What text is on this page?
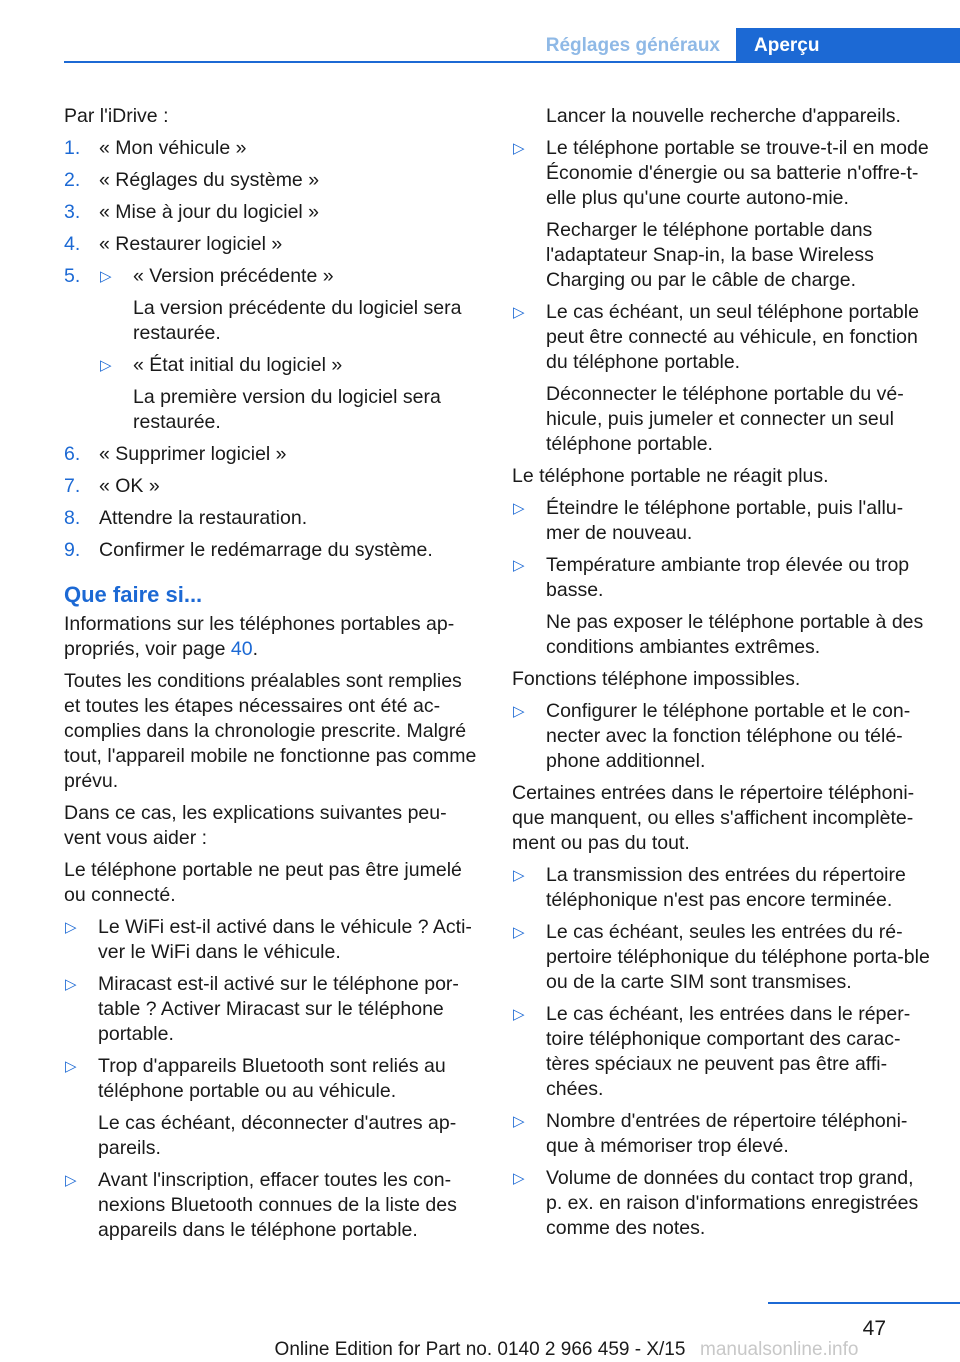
Réglages généraux	Aperçu

Par l'iDrive :

1. « Mon véhicule »
2. « Réglages du système »
3. « Mise à jour du logiciel »
4. « Restaurer logiciel »
5. ▷ « Version précédente »
La version précédente du logiciel sera restaurée.
▷ « État initial du logiciel »
La première version du logiciel sera restaurée.
6. « Supprimer logiciel »
7. « OK »
8. Attendre la restauration.
9. Confirmer le redémarrage du système.
Que faire si...

Informations sur les téléphones portables ap-propriés, voir page 40.

Toutes les conditions préalables sont remplies et toutes les étapes nécessaires ont été ac-complies dans la chronologie prescrite. Malgré tout, l'appareil mobile ne fonctionne pas comme prévu.

Dans ce cas, les explications suivantes peu-vent vous aider :

Le téléphone portable ne peut pas être jumelé ou connecté.

▷ Le WiFi est-il activé dans le véhicule ? Acti-ver le WiFi dans le véhicule.
▷ Miracast est-il activé sur le téléphone por-table ? Activer Miracast sur le téléphone portable.
▷ Trop d'appareils Bluetooth sont reliés au téléphone portable ou au véhicule.
Le cas échéant, déconnecter d'autres ap-pareils.
▷ Avant l'inscription, effacer toutes les con-nexions Bluetooth connues de la liste des appareils dans le téléphone portable.

Lancer la nouvelle recherche d'appareils.

▷ Le téléphone portable se trouve-t-il en mode Économie d'énergie ou sa batterie n'offre-t-elle plus qu'une courte autono-mie.
Recharger le téléphone portable dans l'adaptateur Snap-in, la base Wireless Charging ou par le câble de charge.
▷ Le cas échéant, un seul téléphone portable peut être connecté au véhicule, en fonction du téléphone portable.
Déconnecter le téléphone portable du vé-hicule, puis jumeler et connecter un seul téléphone portable.

Le téléphone portable ne réagit plus.

▷ Éteindre le téléphone portable, puis l'allu-mer de nouveau.
▷ Température ambiante trop élevée ou trop basse.
Ne pas exposer le téléphone portable à des conditions ambiantes extrêmes.

Fonctions téléphone impossibles.

▷ Configurer le téléphone portable et le con-necter avec la fonction téléphone ou télé-phone additionnel.

Certaines entrées dans le répertoire téléphoni-que manquent, ou elles s'affichent incomplète-ment ou pas du tout.

▷ La transmission des entrées du répertoire téléphonique n'est pas encore terminée.
▷ Le cas échéant, seules les entrées du ré-pertoire téléphonique du téléphone porta-ble ou de la carte SIM sont transmises.
▷ Le cas échéant, les entrées dans le réper-toire téléphonique comportant des carac-tères spéciaux ne peuvent pas être affi-chées.
▷ Nombre d'entrées de répertoire téléphoni-que à mémoriser trop élevé.
▷ Volume de données du contact trop grand, p. ex. en raison d'informations enregistrées comme des notes.
47
Online Edition for Part no. 0140 2 966 459 - X/15 manualsonline.info
